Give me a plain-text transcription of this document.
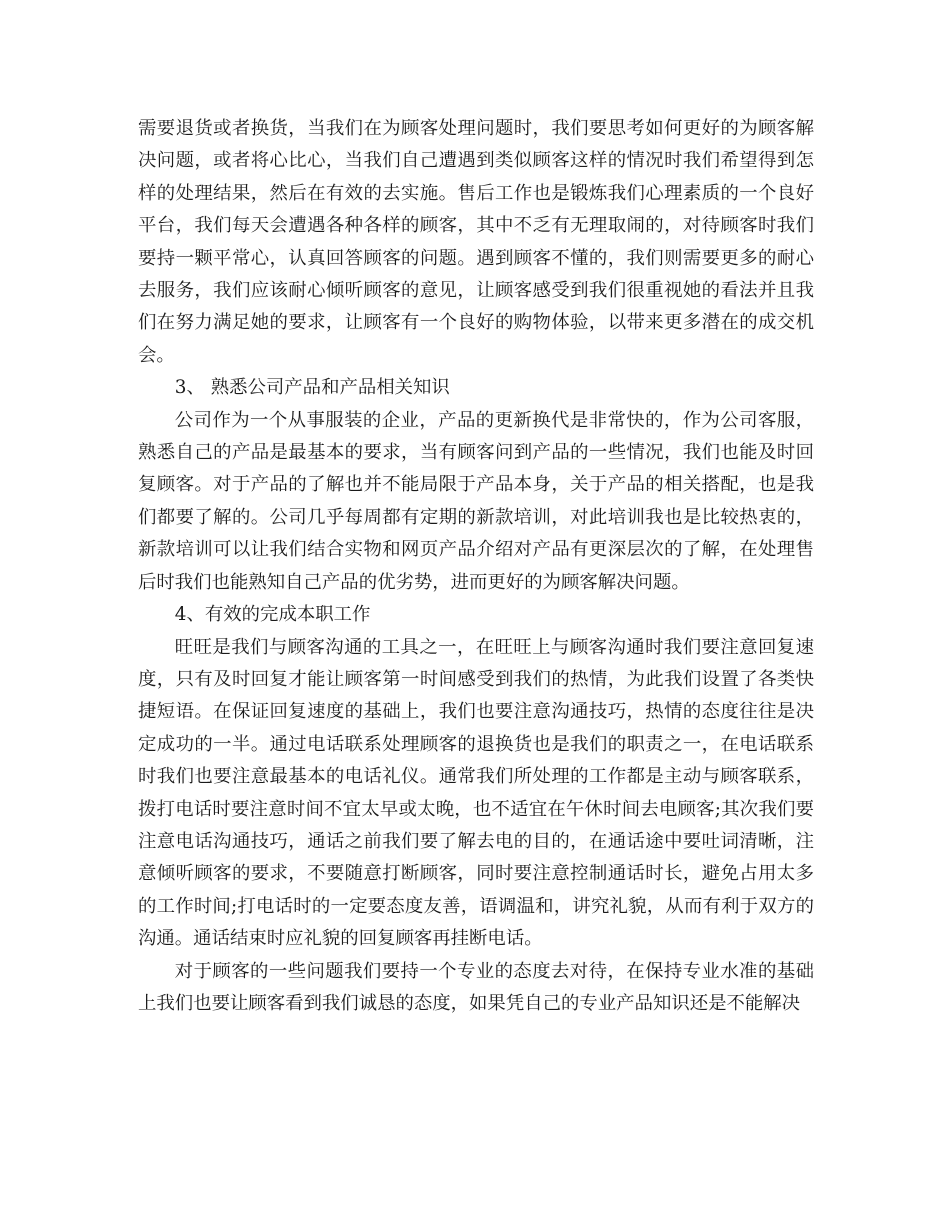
需要退货或者换货，当我们在为顾客处理问题时，我们要思考如何更好的为顾客解决问题，或者将心比心，当我们自己遭遇到类似顾客这样的情况时我们希望得到怎样的处理结果，然后在有效的去实施。售后工作也是锻炼我们心理素质的一个良好平台，我们每天会遭遇各种各样的顾客，其中不乏有无理取闹的，对待顾客时我们要持一颗平常心，认真回答顾客的问题。遇到顾客不懂的，我们则需要更多的耐心去服务，我们应该耐心倾听顾客的意见，让顾客感受到我们很重视她的看法并且我们在努力满足她的要求，让顾客有一个良好的购物体验，以带来更多潜在的成交机会。

3、 熟悉公司产品和产品相关知识

公司作为一个从事服装的企业，产品的更新换代是非常快的，作为公司客服，熟悉自己的产品是最基本的要求，当有顾客问到产品的一些情况，我们也能及时回复顾客。对于产品的了解也并不能局限于产品本身，关于产品的相关搭配，也是我们都要了解的。公司几乎每周都有定期的新款培训，对此培训我也是比较热衷的，新款培训可以让我们结合实物和网页产品介绍对产品有更深层次的了解，在处理售后时我们也能熟知自己产品的优劣势，进而更好的为顾客解决问题。

4、有效的完成本职工作

旺旺是我们与顾客沟通的工具之一，在旺旺上与顾客沟通时我们要注意回复速度，只有及时回复才能让顾客第一时间感受到我们的热情，为此我们设置了各类快捷短语。在保证回复速度的基础上，我们也要注意沟通技巧，热情的态度往往是决定成功的一半。通过电话联系处理顾客的退换货也是我们的职责之一，在电话联系时我们也要注意最基本的电话礼仪。通常我们所处理的工作都是主动与顾客联系，拨打电话时要注意时间不宜太早或太晚，也不适宜在午休时间去电顾客;其次我们要注意电话沟通技巧，通话之前我们要了解去电的目的，在通话途中要吐词清晰，注意倾听顾客的要求，不要随意打断顾客，同时要注意控制通话时长，避免占用太多的工作时间;打电话时的一定要态度友善，语调温和，讲究礼貌，从而有利于双方的沟通。通话结束时应礼貌的回复顾客再挂断电话。

对于顾客的一些问题我们要持一个专业的态度去对待，在保持专业水准的基础上我们也要让顾客看到我们诚恳的态度，如果凭自己的专业产品知识还是不能解决
